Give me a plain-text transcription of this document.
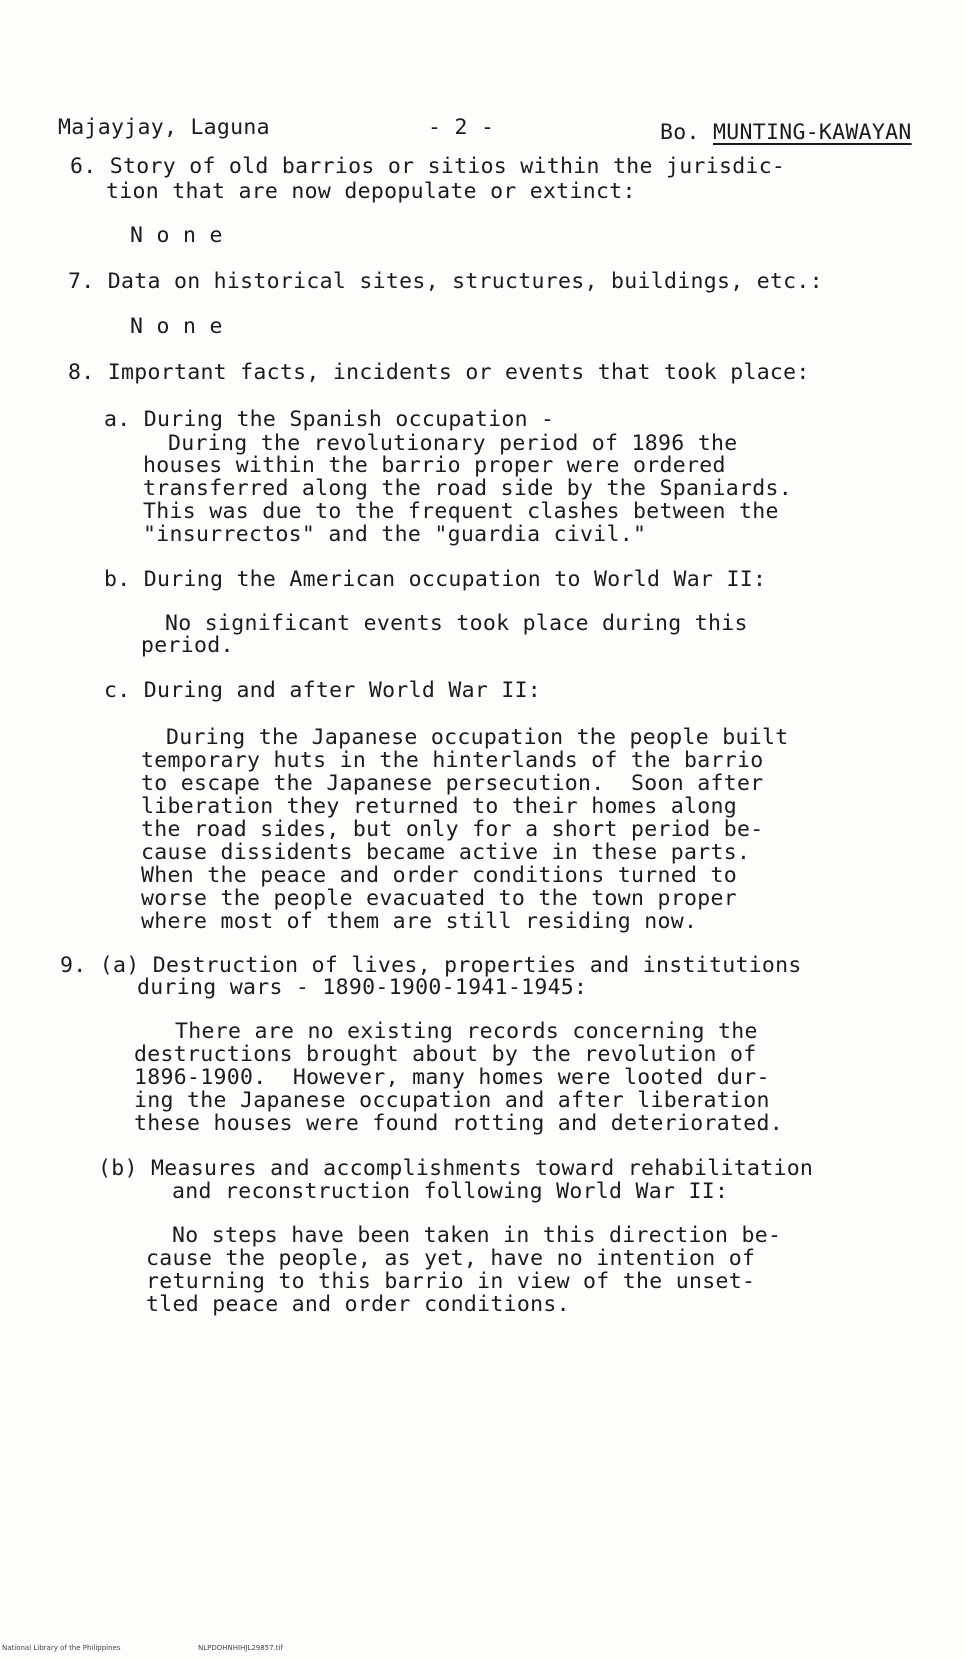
Majayjay, Laguna	- 2 -	Bo. MUNTING-KAWAYAN
6. Story of old barrios or sitios within the jurisdic-
tion that are now depopulate or extinct:
N o n e
7. Data on historical sites, structures, buildings, etc.:
N o n e
8. Important facts, incidents or events that took place:
a. During the Spanish occupation -
During the revolutionary period of 1896 the
houses within the barrio proper were ordered
transferred along the road side by the Spaniards.
This was due to the frequent clashes between the
"insurrectos" and the "guardia civil."
b. During the American occupation to World War II:
No significant events took place during this
period.
c. During and after World War II:
During the Japanese occupation the people built
temporary huts in the hinterlands of the barrio
to escape the Japanese persecution.  Soon after
liberation they returned to their homes along
the road sides, but only for a short period be-
cause dissidents became active in these parts.
When the peace and order conditions turned to
worse the people evacuated to the town proper
where most of them are still residing now.
9. (a) Destruction of lives, properties and institutions
during wars - 1890-1900-1941-1945:
There are no existing records concerning the
destructions brought about by the revolution of
1896-1900.  However, many homes were looted dur-
ing the Japanese occupation and after liberation
these houses were found rotting and deteriorated.
(b) Measures and accomplishments toward rehabilitation
and reconstruction following World War II:
No steps have been taken in this direction be-
cause the people, as yet, have no intention of
returning to this barrio in view of the unset-
tled peace and order conditions.
National Library of the Philippines	NLPDOHNHIHJL29857.tif
